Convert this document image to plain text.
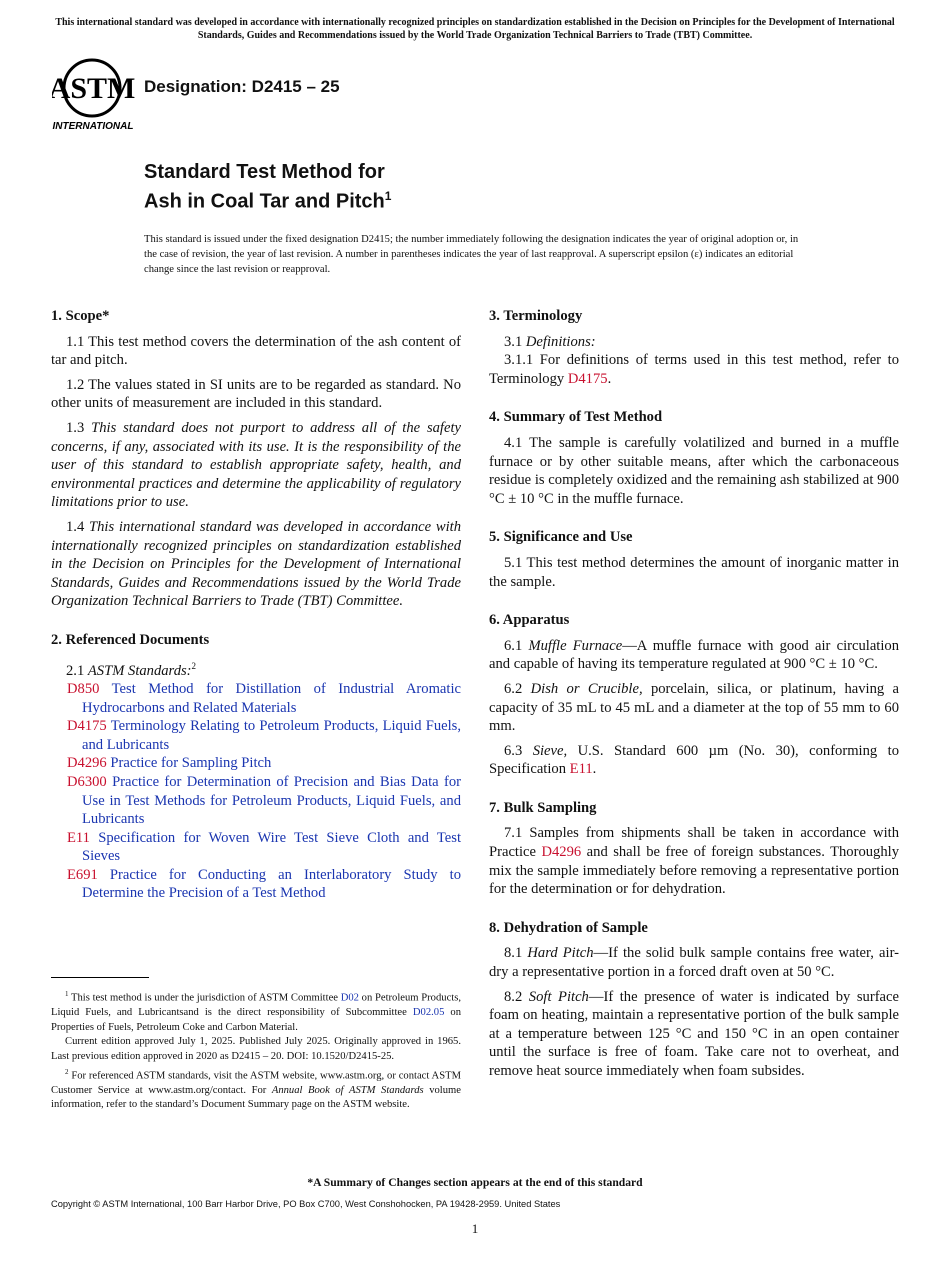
This international standard was developed in accordance with internationally recognized principles on standardization established in the Decision on Principles for the Development of International Standards, Guides and Recommendations issued by the World Trade Organization Technical Barriers to Trade (TBT) Committee.
ASTM
INTERNATIONAL
Designation: D2415 – 25
Standard Test Method for
Ash in Coal Tar and Pitch$^1$
This standard is issued under the fixed designation D2415; the number immediately following the designation indicates the year of original adoption or, in the case of revision, the year of last revision. A number in parentheses indicates the year of last reapproval. A superscript epsilon (ε) indicates an editorial change since the last revision or reapproval.
1. Scope*

1.1 This test method covers the determination of the ash content of tar and pitch.

1.2 The values stated in SI units are to be regarded as standard. No other units of measurement are included in this standard.

1.3 This standard does not purport to address all of the safety concerns, if any, associated with its use. It is the responsibility of the user of this standard to establish appropriate safety, health, and environmental practices and determine the applicability of regulatory limitations prior to use.

1.4 This international standard was developed in accordance with internationally recognized principles on standardization established in the Decision on Principles for the Development of International Standards, Guides and Recommendations issued by the World Trade Organization Technical Barriers to Trade (TBT) Committee.

2. Referenced Documents

2.1 ASTM Standards:$^2$

D850 Test Method for Distillation of Industrial Aromatic Hydrocarbons and Related Materials

D4175 Terminology Relating to Petroleum Products, Liquid Fuels, and Lubricants

D4296 Practice for Sampling Pitch

D6300 Practice for Determination of Precision and Bias Data for Use in Test Methods for Petroleum Products, Liquid Fuels, and Lubricants

E11 Specification for Woven Wire Test Sieve Cloth and Test Sieves

E691 Practice for Conducting an Interlaboratory Study to Determine the Precision of a Test Method

$^1$ This test method is under the jurisdiction of ASTM Committee D02 on Petroleum Products, Liquid Fuels, and Lubricantsand is the direct responsibility of Subcommittee D02.05 on Properties of Fuels, Petroleum Coke and Carbon Material.

Current edition approved July 1, 2025. Published July 2025. Originally approved in 1965. Last previous edition approved in 2020 as D2415 – 20. DOI: 10.1520/D2415-25.

$^2$ For referenced ASTM standards, visit the ASTM website, www.astm.org, or contact ASTM Customer Service at www.astm.org/contact. For Annual Book of ASTM Standards volume information, refer to the standard’s Document Summary page on the ASTM website.

3. Terminology

3.1 Definitions:

3.1.1 For definitions of terms used in this test method, refer to Terminology D4175.

4. Summary of Test Method

4.1 The sample is carefully volatilized and burned in a muffle furnace or by other suitable means, after which the carbonaceous residue is completely oxidized and the remaining ash stabilized at 900 °C ± 10 °C in the muffle furnace.

5. Significance and Use

5.1 This test method determines the amount of inorganic matter in the sample.

6. Apparatus

6.1 Muffle Furnace—A muffle furnace with good air circulation and capable of having its temperature regulated at 900 °C ± 10 °C.

6.2 Dish or Crucible, porcelain, silica, or platinum, having a capacity of 35 mL to 45 mL and a diameter at the top of 55 mm to 60 mm.

6.3 Sieve, U.S. Standard 600 µm (No. 30), conforming to Specification E11.

7. Bulk Sampling

7.1 Samples from shipments shall be taken in accordance with Practice D4296 and shall be free of foreign substances. Thoroughly mix the sample immediately before removing a representative portion for the determination or for dehydration.

8. Dehydration of Sample

8.1 Hard Pitch—If the solid bulk sample contains free water, air-dry a representative portion in a forced draft oven at 50 °C.

8.2 Soft Pitch—If the presence of water is indicated by surface foam on heating, maintain a representative portion of the bulk sample at a temperature between 125 °C and 150 °C in an open container until the surface is free of foam. Take care not to overheat, and remove heat source immediately when foam subsides.

*A Summary of Changes section appears at the end of this standard
Copyright © ASTM International, 100 Barr Harbor Drive, PO Box C700, West Conshohocken, PA 19428-2959. United States
1
